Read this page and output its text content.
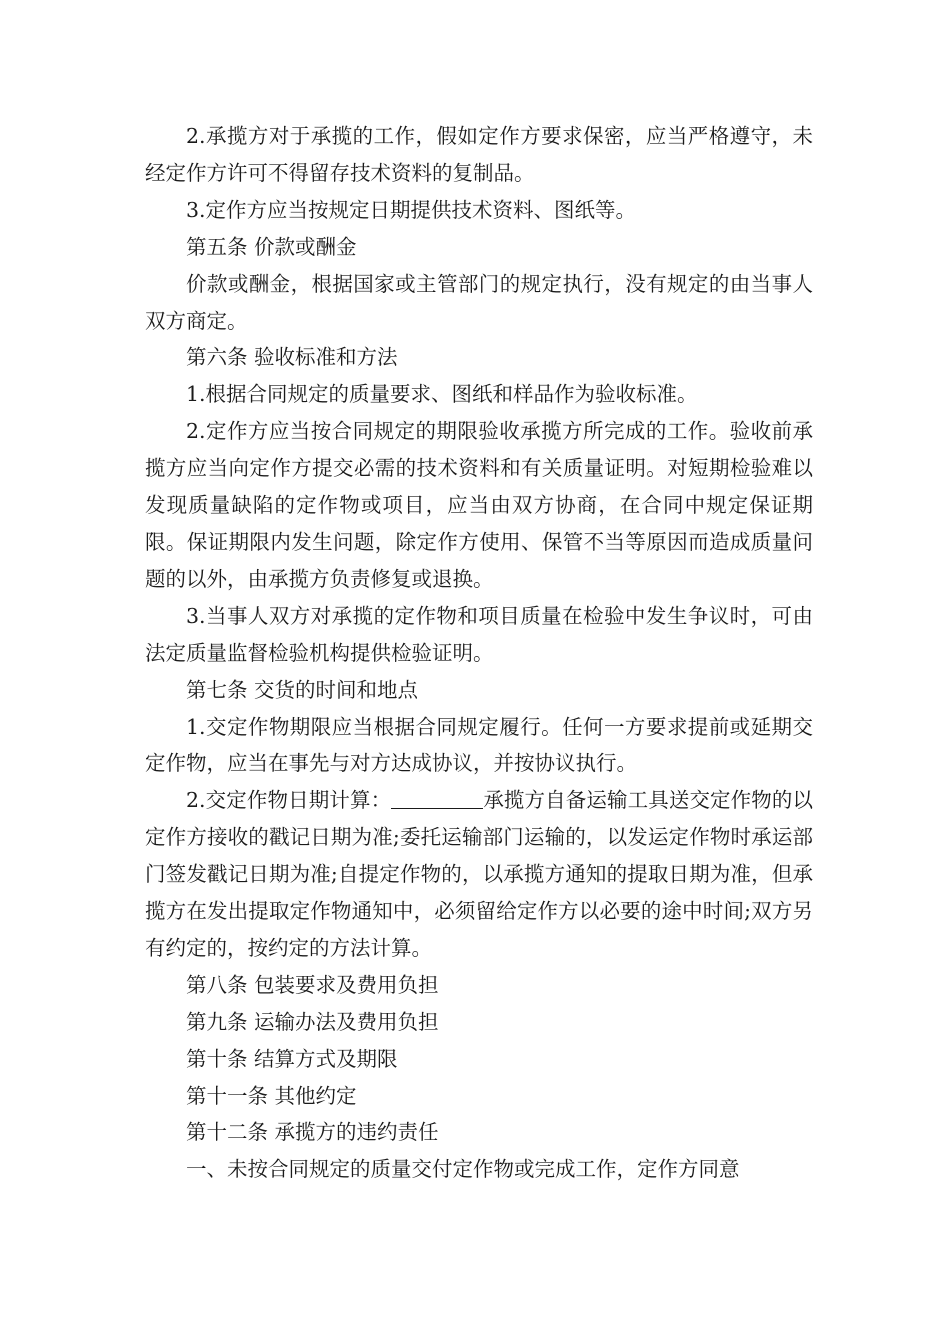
2.承揽方对于承揽的工作，假如定作方要求保密，应当严格遵守，未经定作方许可不得留存技术资料的复制品。

3.定作方应当按规定日期提供技术资料、图纸等。

第五条 价款或酬金

价款或酬金，根据国家或主管部门的规定执行，没有规定的由当事人双方商定。

第六条 验收标准和方法

1.根据合同规定的质量要求、图纸和样品作为验收标准。

2.定作方应当按合同规定的期限验收承揽方所完成的工作。验收前承揽方应当向定作方提交必需的技术资料和有关质量证明。对短期检验难以发现质量缺陷的定作物或项目，应当由双方协商，在合同中规定保证期限。保证期限内发生问题，除定作方使用、保管不当等原因而造成质量问题的以外，由承揽方负责修复或退换。

3.当事人双方对承揽的定作物和项目质量在检验中发生争议时，可由法定质量监督检验机构提供检验证明。

第七条 交货的时间和地点

1.交定作物期限应当根据合同规定履行。任何一方要求提前或延期交定作物，应当在事先与对方达成协议，并按协议执行。

2.交定作物日期计算：	承揽方自备运输工具送交定作物的以定作方接收的戳记日期为准;委托运输部门运输的，以发运定作物时承运部门签发戳记日期为准;自提定作物的，以承揽方通知的提取日期为准，但承揽方在发出提取定作物通知中，必须留给定作方以必要的途中时间;双方另有约定的，按约定的方法计算。

第八条 包装要求及费用负担

第九条 运输办法及费用负担

第十条 结算方式及期限

第十一条 其他约定

第十二条 承揽方的违约责任

一、未按合同规定的质量交付定作物或完成工作，定作方同意
